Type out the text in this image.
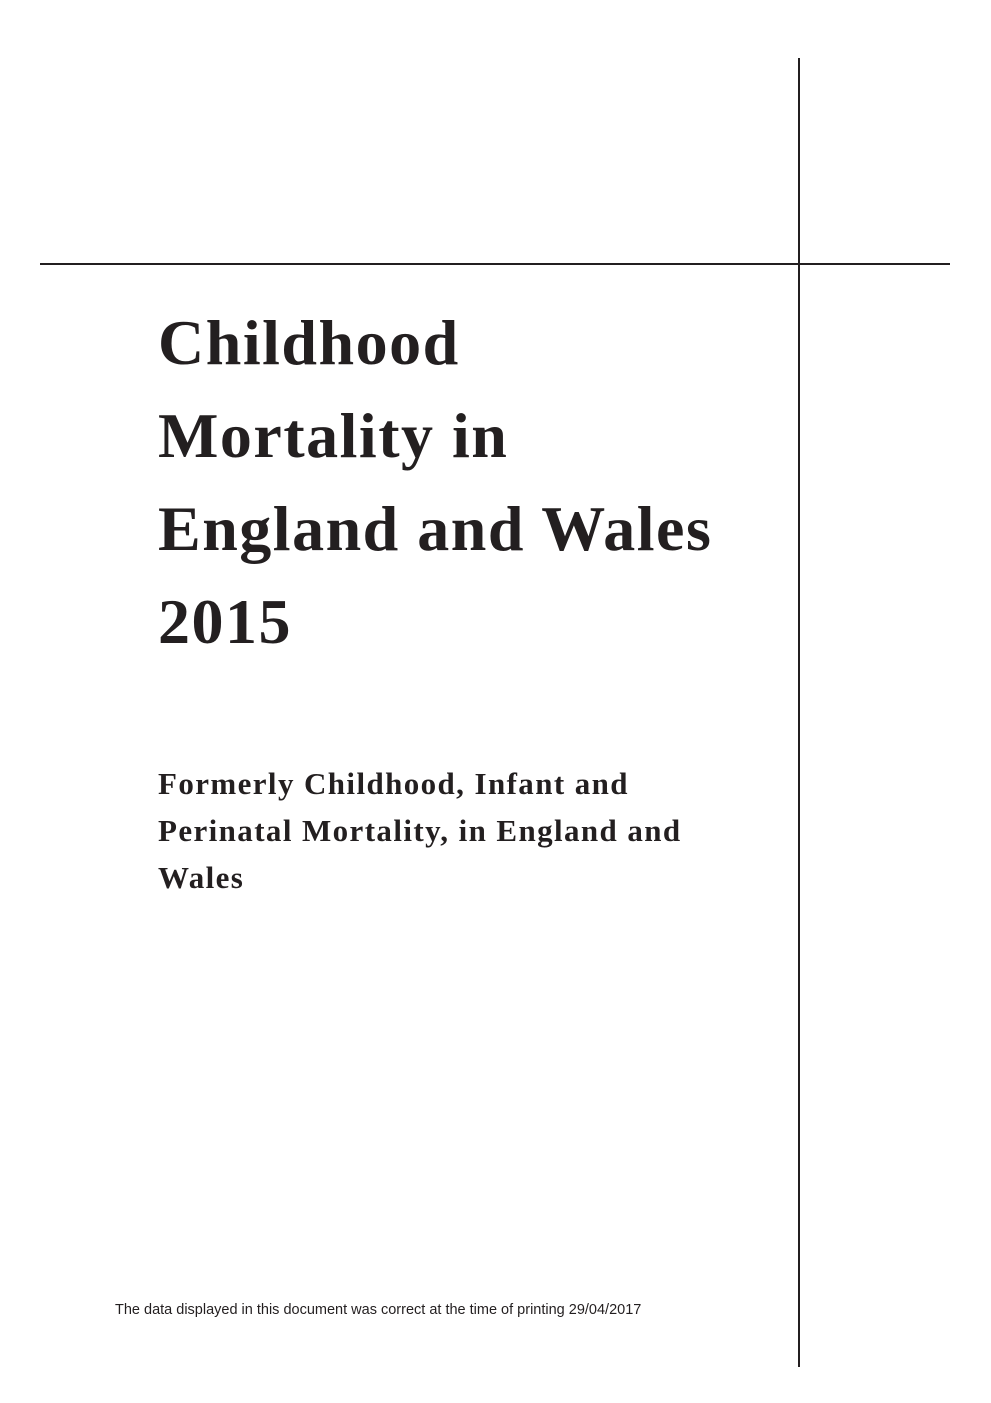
Childhood
Mortality in
England and Wales
2015
Formerly Childhood, Infant and
Perinatal Mortality, in England and
Wales

The data displayed in this document was correct at the time of printing 29/04/2017
